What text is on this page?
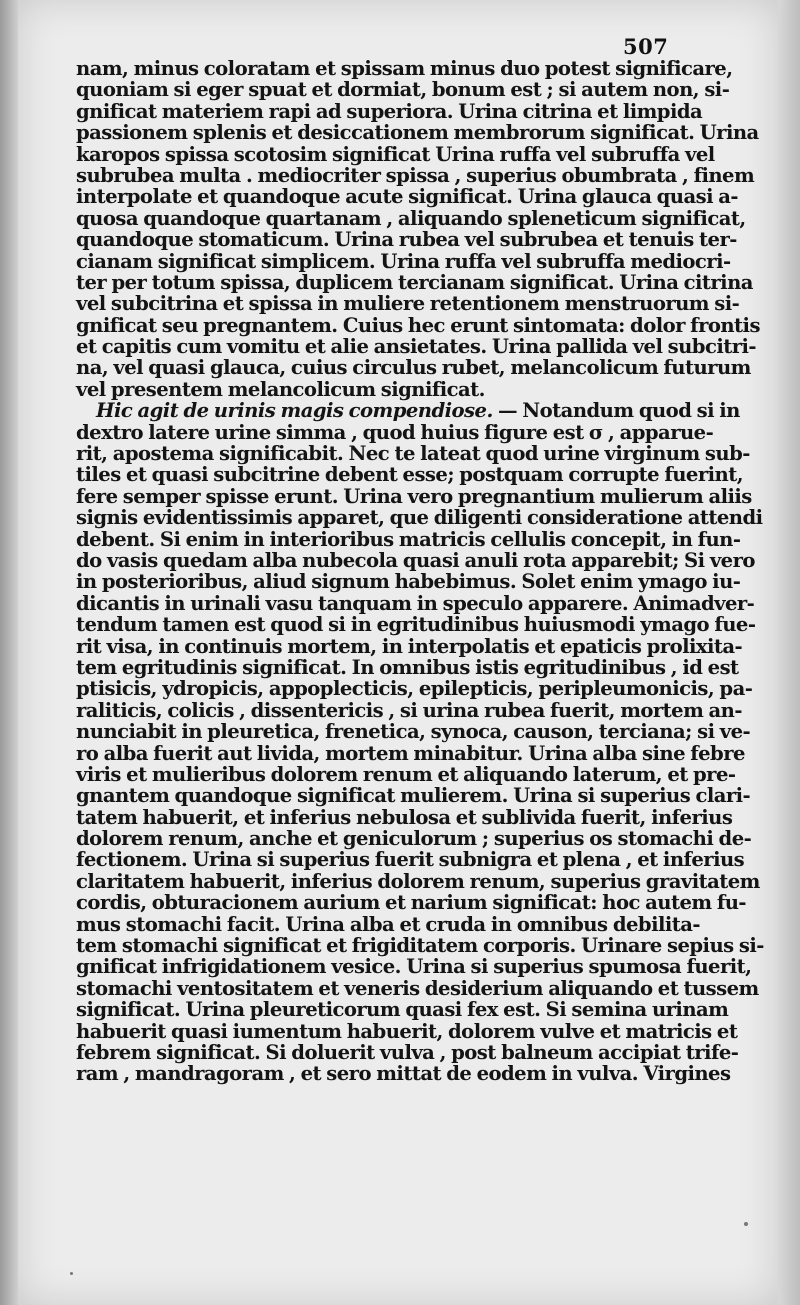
507
nam, minus coloratam et spissam minus duo potest significare,
quoniam si eger spuat et dormiat, bonum est ; si autem non, si-
gnificat materiem rapi ad superiora. Urina citrina et limpida
passionem splenis et desiccationem membrorum significat. Urina
karopos spissa scotosim significat Urina ruffa vel subruffa vel
subrubea multa . mediocriter spissa , superius obumbrata , finem
interpolate et quandoque acute significat. Urina glauca quasi a-
quosa quandoque quartanam , aliquando spleneticum significat,
quandoque stomaticum. Urina rubea vel subrubea et tenuis ter-
cianam significat simplicem. Urina ruffa vel subruffa mediocri-
ter per totum spissa, duplicem tercianam significat. Urina citrina
vel subcitrina et spissa in muliere retentionem menstruorum si-
gnificat seu pregnantem. Cuius hec erunt sintomata: dolor frontis
et capitis cum vomitu et alie ansietates. Urina pallida vel subcitri-
na, vel quasi glauca, cuius circulus rubet, melancolicum futurum
vel presentem melancolicum significat.
Hic agit de urinis magis compendiose. — Notandum quod si in
dextro latere urine simma , quod huius figure est σ , apparue-
rit, apostema significabit. Nec te lateat quod urine virginum sub-
tiles et quasi subcitrine debent esse; postquam corrupte fuerint,
fere semper spisse erunt. Urina vero pregnantium mulierum aliis
signis evidentissimis apparet, que diligenti consideratione attendi
debent. Si enim in interioribus matricis cellulis concepit, in fun-
do vasis quedam alba nubecola quasi anuli rota apparebit; Si vero
in posterioribus, aliud signum habebimus. Solet enim ymago iu-
dicantis in urinali vasu tanquam in speculo apparere. Animadver-
tendum tamen est quod si in egritudinibus huiusmodi ymago fue-
rit visa, in continuis mortem, in interpolatis et epaticis prolixita-
tem egritudinis significat. In omnibus istis egritudinibus , id est
ptisicis, ydropicis, appoplecticis, epilepticis, peripleumonicis, pa-
raliticis, colicis , dissentericis , si urina rubea fuerit, mortem an-
nunciabit in pleuretica, frenetica, synoca, causon, terciana; si ve-
ro alba fuerit aut livida, mortem minabitur. Urina alba sine febre
viris et mulieribus dolorem renum et aliquando laterum, et pre-
gnantem quandoque significat mulierem. Urina si superius clari-
tatem habuerit, et inferius nebulosa et sublivida fuerit, inferius
dolorem renum, anche et geniculorum ; superius os stomachi de-
fectionem. Urina si superius fuerit subnigra et plena , et inferius
claritatem habuerit, inferius dolorem renum, superius gravitatem
cordis, obturacionem aurium et narium significat: hoc autem fu-
mus stomachi facit. Urina alba et cruda in omnibus debilita-
tem stomachi significat et frigiditatem corporis. Urinare sepius si-
gnificat infrigidationem vesice. Urina si superius spumosa fuerit,
stomachi ventositatem et veneris desiderium aliquando et tussem
significat. Urina pleureticorum quasi fex est. Si semina urinam
habuerit quasi iumentum habuerit, dolorem vulve et matricis et
febrem significat. Si doluerit vulva , post balneum accipiat trife-
ram , mandragoram , et sero mittat de eodem in vulva. Virgines
